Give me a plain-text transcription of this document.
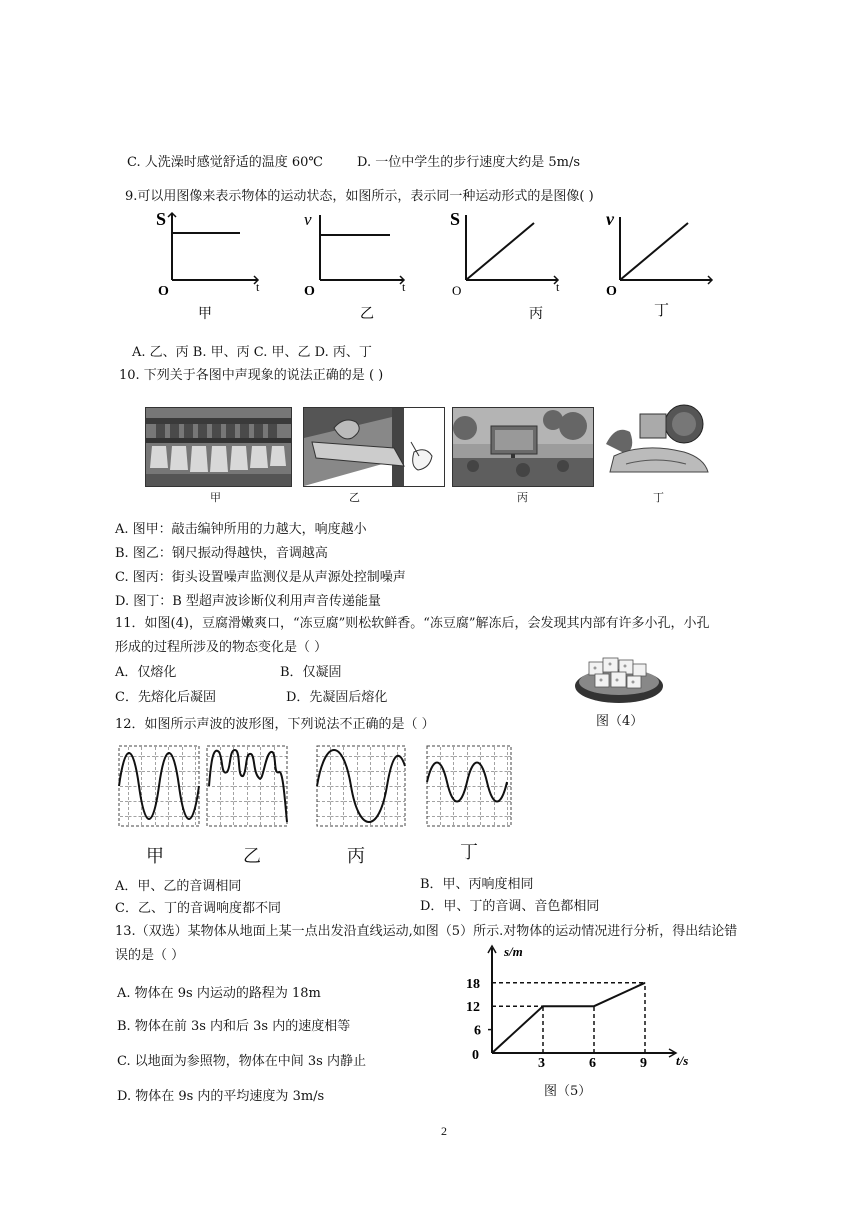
C. 人洗澡时感觉舒适的温度 60℃	D. 一位中学生的步行速度大约是 5m/s
9.可以用图像来表示物体的运动状态，如图所示，表示同一种运动形式的是图像( )
S
O	t
甲
v
O	t
乙
S
O	t
丙
v
O
丁
A. 乙、丙 B. 甲、丙 C. 甲、乙 D. 丙、丁
10. 下列关于各图中声现象的说法正确的是 ( )
甲	乙	丙	丁
A. 图甲：敲击编钟所用的力越大，响度越小
B. 图乙：钢尺振动得越快，音调越高
C. 图丙：街头设置噪声监测仪是从声源处控制噪声
D. 图丁：B 型超声波诊断仪利用声音传递能量
11．如图(4)，豆腐滑嫩爽口，“冻豆腐”则松软鲜香。“冻豆腐”解冻后，会发现其内部有许多小孔，小孔
形成的过程所涉及的物态变化是（ ）
A．仅熔化	B．仅凝固
C．先熔化后凝固	D．先凝固后熔化
图（4）
12．如图所示声波的波形图，下列说法不正确的是（ ）
甲	乙	丙	丁
A．甲、乙的音调相同	B．甲、丙响度相同
C．乙、丁的音调响度都不同	D．甲、丁的音调、音色都相同
13.（双选）某物体从地面上某一点出发沿直线运动,如图（5）所示.对物体的运动情况进行分析，得出结论错
误的是（ ）
A. 物体在 9s 内运动的路程为 18m
B. 物体在前 3s 内和后 3s 内的速度相等
C. 以地面为参照物，物体在中间 3s 内静止
D. 物体在 9s 内的平均速度为 3m/s
s/m
t/s
0
3	6	9
6
12
18
图（5）
2
